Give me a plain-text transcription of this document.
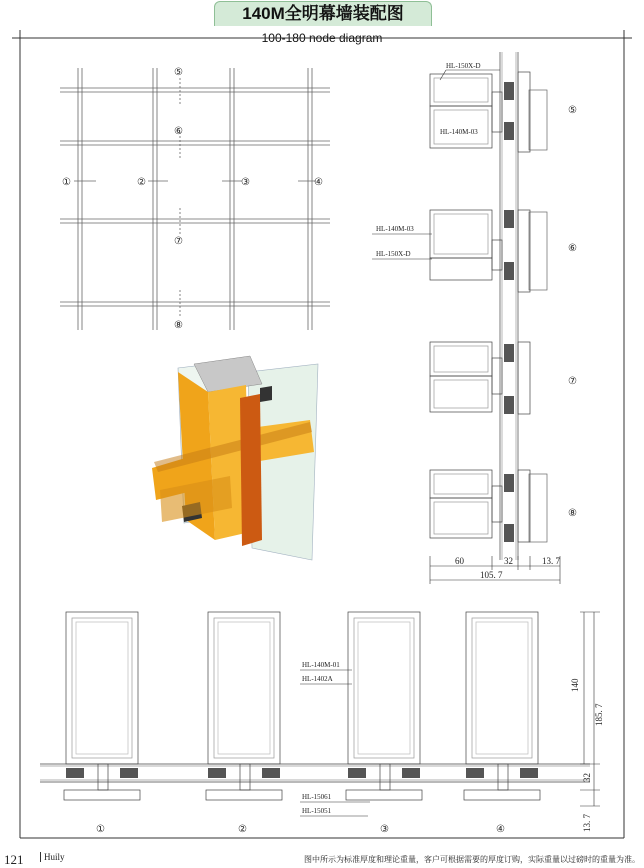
140M全明幕墙装配图
100-180 node diagram
⑤
⑥
①	②	③	④
⑦
⑧
⑤
⑥
⑦
⑧
HL-150X-D
HL-140M-03
HL-140M-03
HL-150X-D
60	32	13. 7
105. 7
HL-140M-01
HL-1402A
HL-15061
HL-15051
140
185. 7
32
13. 7
①	②	③	④
121	Huily	图中所示为标准厚度和理论重量，客户可根据需要的厚度订购，实际重量以过磅时的重量为准。
